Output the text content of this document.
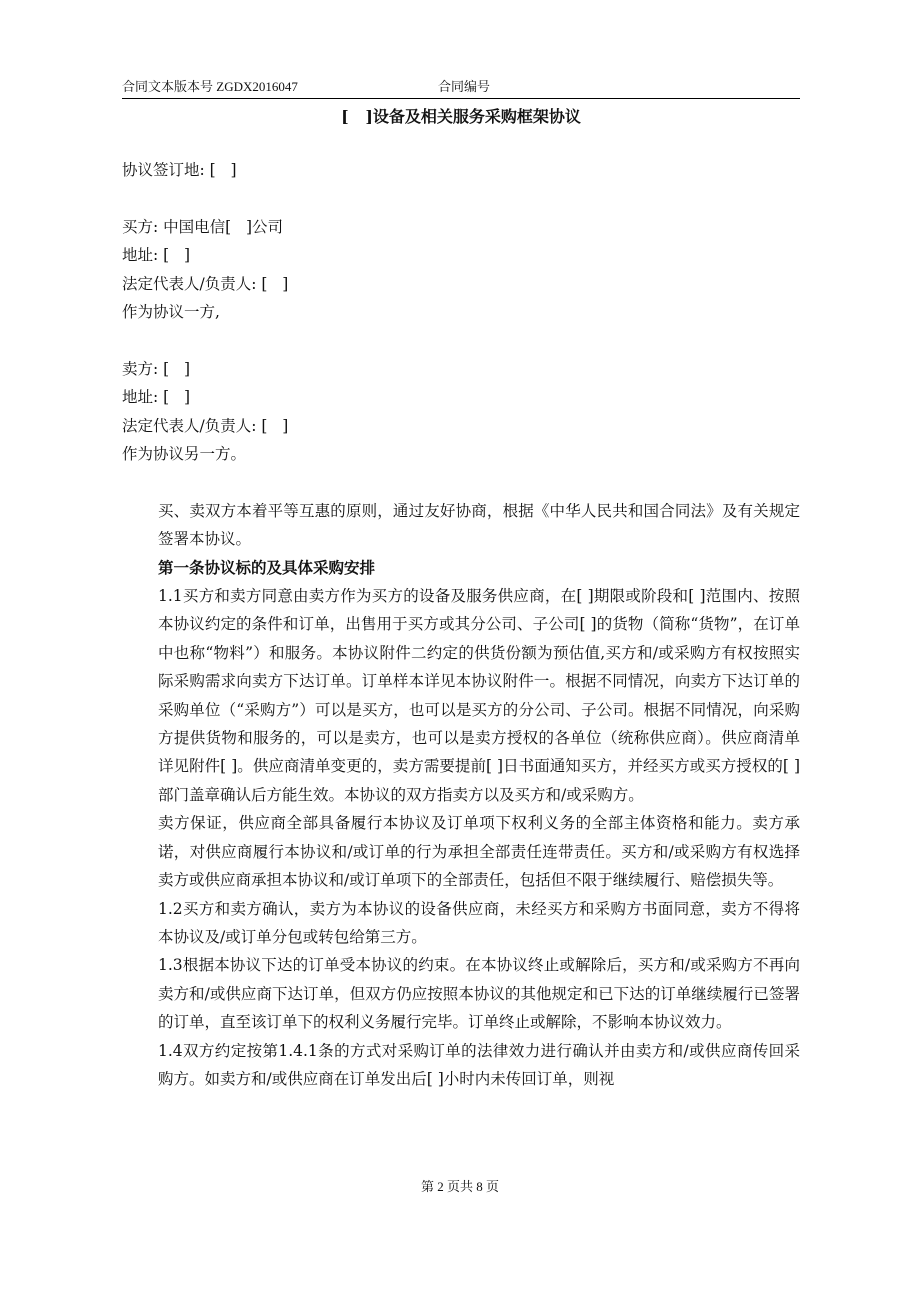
合同文本版本号 ZGDX2016047	合同编号
[   ]设备及相关服务采购框架协议

协议签订地: [   ]

买方: 中国电信[   ]公司

地址: [   ]

法定代表人/负责人: [   ]

作为协议一方,

卖方: [   ]

地址: [   ]

法定代表人/负责人: [   ]

作为协议另一方。

买、卖双方本着平等互惠的原则，通过友好协商，根据《中华人民共和国合同法》及有关规定签署本协议。

第一条协议标的及具体采购安排

1.1买方和卖方同意由卖方作为买方的设备及服务供应商，在[ ]期限或阶段和[ ]范围内、按照本协议约定的条件和订单，出售用于买方或其分公司、子公司[ ]的货物（简称“货物”，在订单中也称“物料”）和服务。本协议附件二约定的供货份额为预估值,买方和/或采购方有权按照实际采购需求向卖方下达订单。订单样本详见本协议附件一。根据不同情况，向卖方下达订单的采购单位（“采购方”）可以是买方，也可以是买方的分公司、子公司。根据不同情况，向采购方提供货物和服务的，可以是卖方，也可以是卖方授权的各单位（统称供应商）。供应商清单详见附件[ ]。供应商清单变更的，卖方需要提前[ ]日书面通知买方，并经买方或买方授权的[ ] 部门盖章确认后方能生效。本协议的双方指卖方以及买方和/或采购方。

卖方保证，供应商全部具备履行本协议及订单项下权利义务的全部主体资格和能力。卖方承诺，对供应商履行本协议和/或订单的行为承担全部责任连带责任。买方和/或采购方有权选择卖方或供应商承担本协议和/或订单项下的全部责任，包括但不限于继续履行、赔偿损失等。

1.2买方和卖方确认，卖方为本协议的设备供应商，未经买方和采购方书面同意，卖方不得将本协议及/或订单分包或转包给第三方。

1.3根据本协议下达的订单受本协议的约束。在本协议终止或解除后，买方和/或采购方不再向卖方和/或供应商下达订单，但双方仍应按照本协议的其他规定和已下达的订单继续履行已签署的订单，直至该订单下的权利义务履行完毕。订单终止或解除，不影响本协议效力。

1.4双方约定按第1.4.1条的方式对采购订单的法律效力进行确认并由卖方和/或供应商传回采购方。如卖方和/或供应商在订单发出后[ ]小时内未传回订单，则视

第 2 页共 8 页
